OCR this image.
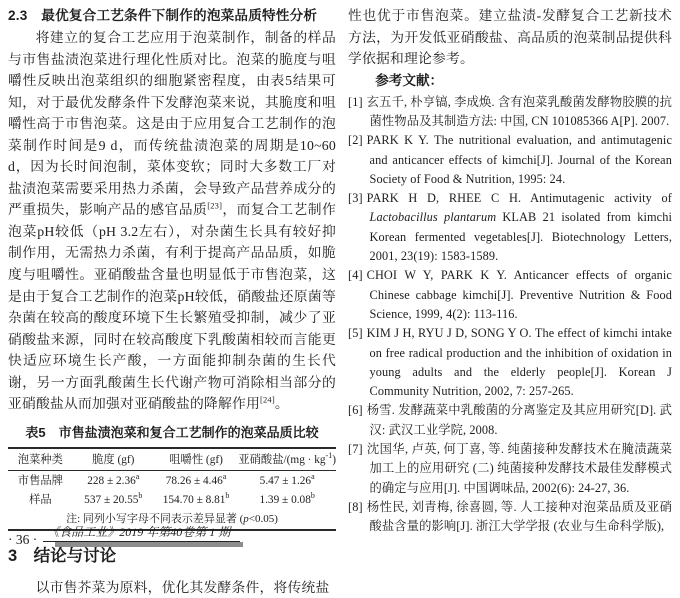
2.3　最优复合工艺条件下制作的泡菜品质特性分析

将建立的复合工艺应用于泡菜制作，制备的样品与市售盐渍泡菜进行理化性质对比。泡菜的脆度与咀嚼性反映出泡菜组织的细胞紧密程度，由表5结果可知，对于最优发酵条件下发酵泡菜来说，其脆度和咀嚼性高于市售泡菜。这是由于应用复合工艺制作的泡菜制作时间是9 d，而传统盐渍泡菜的周期是10~60 d，因为长时间泡制，菜体变软；同时大多数工厂对盐渍泡菜需要采用热力杀菌，会导致产品营养成分的严重损失，影响产品的感官品质[23]，而复合工艺制作泡菜pH较低（pH 3.2左右），对杂菌生长具有较好抑制作用，无需热力杀菌，有利于提高产品品质，如脆度与咀嚼性。亚硝酸盐含量也明显低于市售泡菜，这是由于复合工艺制作的泡菜pH较低，硝酸盐还原菌等杂菌在较高的酸度环境下生长繁殖受抑制，减少了亚硝酸盐来源，同时在较高酸度下乳酸菌相较而言能更快适应环境生长产酸，一方面能抑制杂菌的生长代谢，另一方面乳酸菌生长代谢产物可消除相当部分的亚硝酸盐从而加强对亚硝酸盐的降解作用[24]。

表5　市售盐渍泡菜和复合工艺制作的泡菜品质比较
泡菜种类	脆度 (gf)	咀嚼性 (gf)	亚硝酸盐$/(mg \cdot kg^{-1})$
市售品牌	228 ± 2.36$^a$	78.26 ± 4.46$^a$	5.47 ± 1.26$^a$
样品	537 ± 20.55$^b$	154.70 ± 8.81$^b$	1.39 ± 0.08$^b$
注: 同列小写字母不同表示差异显著 (p<0.05)			
3　结论与讨论

以市售芥菜为原料，优化其发酵条件，将传统盐

性也优于市售泡菜。建立盐渍-发酵复合工艺新技术方法，为开发低亚硝酸盐、高品质的泡菜制品提供科学依据和理论参考。

参考文献：
[1] 玄五千, 朴亨镐, 李成焕. 含有泡菜乳酸菌发酵物胶膜的抗菌性物品及其制造方法: 中国, CN 101085366 A[P]. 2007.
[2] PARK K Y. The nutritional evaluation, and antimutagenic and anticancer effects of kimchi[J]. Journal of the Korean Society of Food & Nutrition, 1995: 24.
[3] PARK H D, RHEE C H. Antimutagenic activity of Lactobacillus plantarum KLAB 21 isolated from kimchi Korean fermented vegetables[J]. Biotechnology Letters, 2001, 23(19): 1583-1589.
[4] CHOI W Y, PARK K Y. Anticancer effects of organic Chinese cabbage kimchi[J]. Preventive Nutrition & Food Science, 1999, 4(2): 113-116.
[5] KIM J H, RYU J D, SONG Y O. The effect of kimchi intake on free radical production and the inhibition of oxidation in young adults and the elderly people[J]. Korean J Community Nutrition, 2002, 7: 257-265.
[6] 杨雪. 发酵蔬菜中乳酸菌的分离鉴定及其应用研究[D]. 武汉: 武汉工业学院, 2008.
[7] 沈国华, 卢英, 何丁喜, 等. 纯菌接种发酵技术在腌渍蔬菜加工上的应用研究 (二) 纯菌接种发酵技术最佳发酵模式的确定与应用[J]. 中国调味品, 2002(6): 24-27, 36.
[8] 杨性民, 刘青梅, 徐喜圆, 等. 人工接种对泡菜品质及亚硝酸盐含量的影响[J]. 浙江大学学报 (农业与生命科学版),
· 36 · 《食品工业》2019 年第40卷第 1 期
